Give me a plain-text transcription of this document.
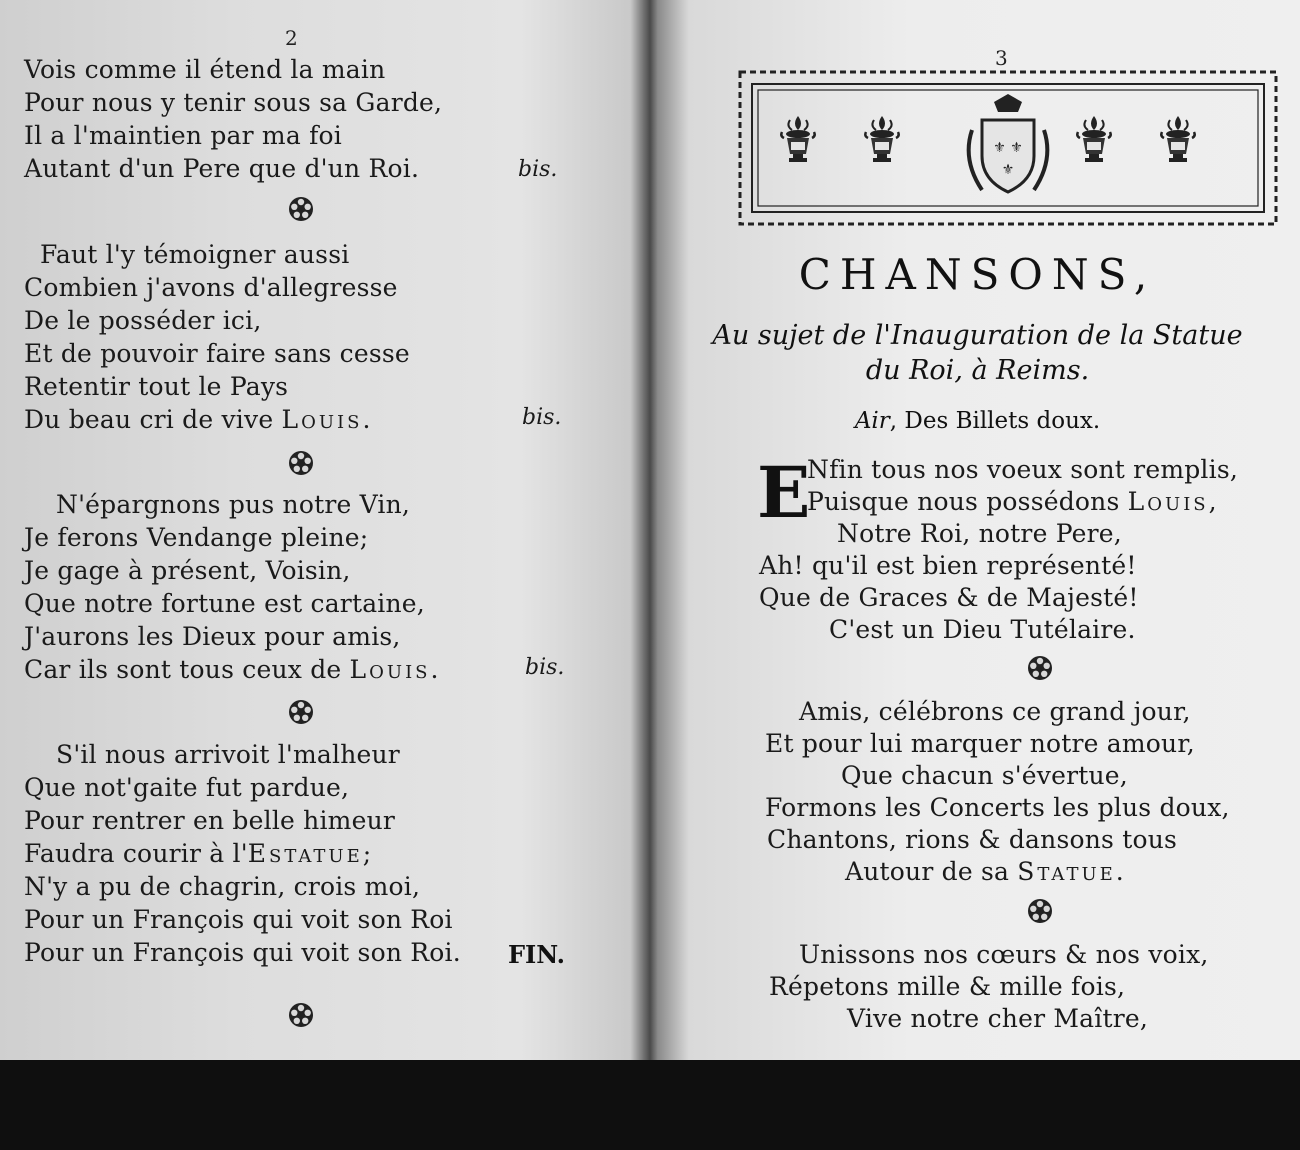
2
Vois comme il étend la main
Pour nous y tenir sous sa Garde,
Il a l'maintien par ma foi
Autant d'un Pere que d'un Roi.	bis.
Faut l'y témoigner aussi
Combien j'avons d'allegresse
De le posséder ici,
Et de pouvoir faire sans cesse
Retentir tout le Pays
Du beau cri de vive Louis.	bis.
N'épargnons pus notre Vin,
Je ferons Vendange pleine;
Je gage à présent, Voisin,
Que notre fortune est cartaine,
J'aurons les Dieux pour amis,
Car ils sont tous ceux de Louis.	bis.
S'il nous arrivoit l'malheur
Que not'gaite fut pardue,
Pour rentrer en belle himeur
Faudra courir à l'Estatue;
N'y a pu de chagrin, crois moi,
Pour un François qui voit son Roi
Pour un François qui voit son Roi. FIN.
3
⚜ ⚜
⚜
CHANSONS,
Au sujet de l'Inauguration de la Statue
du Roi, à Reims.
Air, Des Billets doux.
E
Nfin tous nos voeux sont remplis,
Puisque nous possédons Louis,
Notre Roi, notre Pere,
Ah! qu'il est bien représenté!
Que de Graces & de Majesté!
C'est un Dieu Tutélaire.
Amis, célébrons ce grand jour,
Et pour lui marquer notre amour,
Que chacun s'évertue,
Formons les Concerts les plus doux,
Chantons, rions & dansons tous
Autour de sa Statue.
Unissons nos cœurs & nos voix,
Répetons mille & mille fois,
Vive notre cher Maître,
